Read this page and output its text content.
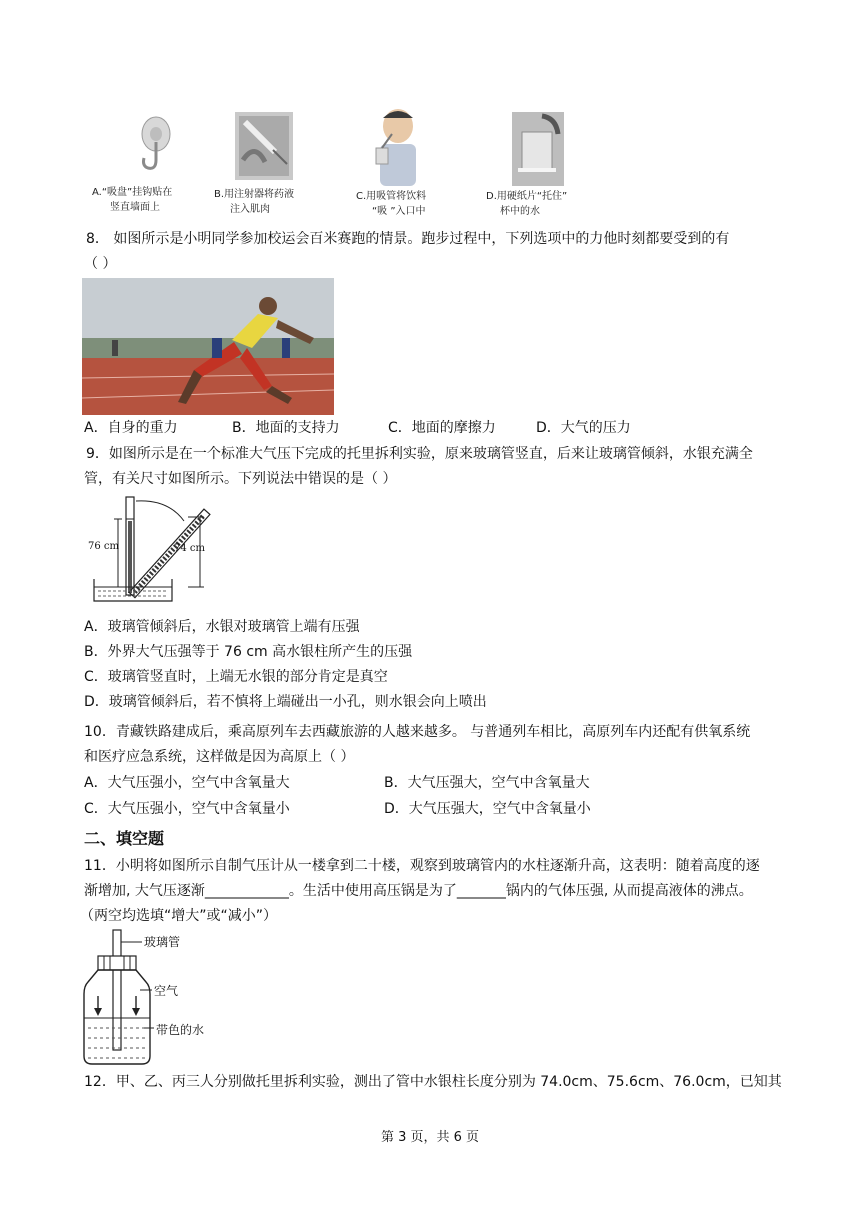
A.“吸盘”挂钩贴在
竖直墙面上
B.用注射器将药液
注入肌肉
C.用吸管将饮料
“吸 ”入口中
D.用硬纸片“托住”
杯中的水
8． 如图所示是小明同学参加校运会百米赛跑的情景。跑步过程中，下列选项中的力他时刻都要受到的有
（ ）
A．自身的重力	B．地面的支持力	C．地面的摩擦力	D．大气的压力
9．如图所示是在一个标准大气压下完成的托里拆利实验，原来玻璃管竖直，后来让玻璃管倾斜，水银充满全
管，有关尺寸如图所示。下列说法中错误的是（ ）
76 cm	74 cm
A．玻璃管倾斜后，水银对玻璃管上端有压强
B．外界大气压强等于 76 cm 高水银柱所产生的压强
C．玻璃管竖直时，上端无水银的部分肯定是真空
D．玻璃管倾斜后，若不慎将上端碰出一小孔，则水银会向上喷出
10．青藏铁路建成后，乘高原列车去西藏旅游的人越来越多。 与普通列车相比，高原列车内还配有供氧系统
和医疗应急系统，这样做是因为高原上（ ）
A．大气压强小，空气中含氧量大	B．大气压强大，空气中含氧量大
C．大气压强小，空气中含氧量小	D．大气压强大，空气中含氧量小
二、填空题
11．小明将如图所示自制气压计从一楼拿到二十楼，观察到玻璃管内的水柱逐渐升高，这表明：随着高度的逐
渐增加, 大气压逐渐____________。生活中使用高压锅是为了_______锅内的气体压强, 从而提高液体的沸点。
（两空均选填“增大”或“减小”）
玻璃管
空气
带色的水
12．甲、乙、丙三人分别做托里拆利实验，测出了管中水银柱长度分别为 74.0cm、75.6cm、76.0cm，已知其
第 3 页，共 6 页
